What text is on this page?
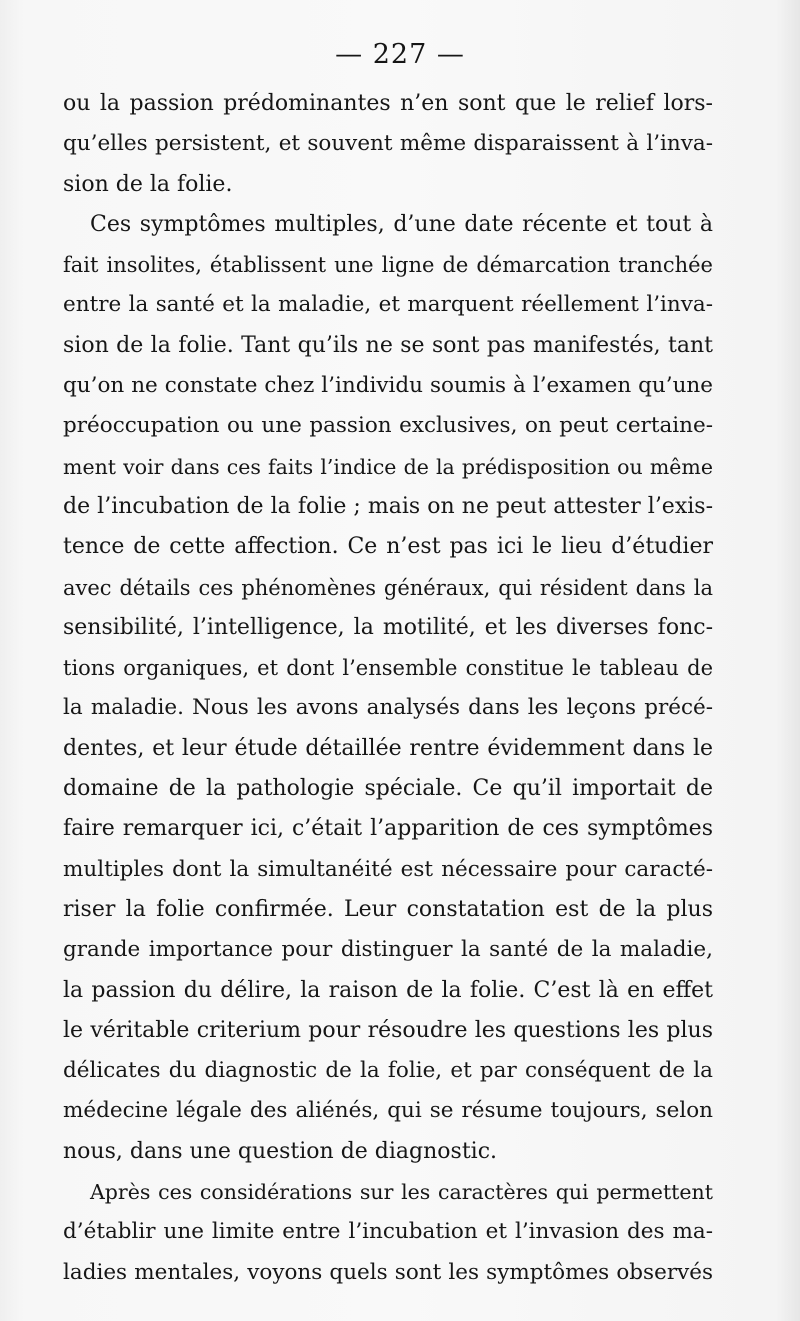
— 227 —
ou la passion prédominantes n’en sont que le relief lors-
qu’elles persistent, et souvent même disparaissent à l’inva-
sion de la folie.
Ces symptômes multiples, d’une date récente et tout à
fait insolites, établissent une ligne de démarcation tranchée
entre la santé et la maladie, et marquent réellement l’inva-
sion de la folie. Tant qu’ils ne se sont pas manifestés, tant
qu’on ne constate chez l’individu soumis à l’examen qu’une
préoccupation ou une passion exclusives, on peut certaine-
ment voir dans ces faits l’indice de la prédisposition ou même
de l’incubation de la folie ; mais on ne peut attester l’exis-
tence de cette affection. Ce n’est pas ici le lieu d’étudier
avec détails ces phénomènes généraux, qui résident dans la
sensibilité, l’intelligence, la motilité, et les diverses fonc-
tions organiques, et dont l’ensemble constitue le tableau de
la maladie. Nous les avons analysés dans les leçons précé-
dentes, et leur étude détaillée rentre évidemment dans le
domaine de la pathologie spéciale. Ce qu’il importait de
faire remarquer ici, c’était l’apparition de ces symptômes
multiples dont la simultanéité est nécessaire pour caracté-
riser la folie confirmée. Leur constatation est de la plus
grande importance pour distinguer la santé de la maladie,
la passion du délire, la raison de la folie. C’est là en effet
le véritable criterium pour résoudre les questions les plus
délicates du diagnostic de la folie, et par conséquent de la
médecine légale des aliénés, qui se résume toujours, selon
nous, dans une question de diagnostic.
Après ces considérations sur les caractères qui permettent
d’établir une limite entre l’incubation et l’invasion des ma-
ladies mentales, voyons quels sont les symptômes observés
